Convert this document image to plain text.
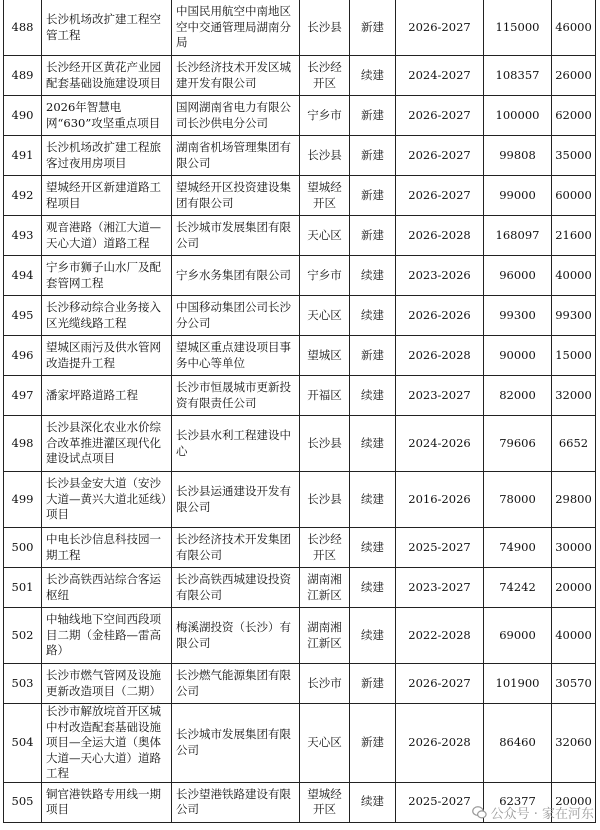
488	长沙机场改扩建工程空管工程	中国民用航空中南地区空中交通管理局湖南分局	长沙县	新建	2026-2027	115000	46000
489	长沙经开区黄花产业园配套基础设施建设项目	长沙经济技术开发区城建开发有限公司	长沙经开区	续建	2024-2027	108357	26000
490	2026年智慧电网“630”攻坚重点项目	国网湖南省电力有限公司长沙供电分公司	宁乡市	新建	2026-2027	100000	62000
491	长沙机场改扩建工程旅客过夜用房项目	湖南省机场管理集团有限公司	长沙县	新建	2026-2027	99808	35000
492	望城经开区新建道路工程项目	望城经开区投资建设集团有限公司	望城经开区	新建	2026-2027	99000	60000
493	观音港路（湘江大道—天心大道）道路工程	长沙城市发展集团有限公司	天心区	新建	2026-2028	168097	21600
494	宁乡市狮子山水厂及配套管网工程	宁乡水务集团有限公司	宁乡市	续建	2023-2026	96000	40000
495	长沙移动综合业务接入区光缆线路工程	中国移动集团公司长沙分公司	天心区	续建	2026-2026	99300	99300
496	望城区雨污及供水管网改造提升工程	望城区重点建设项目事务中心等单位	望城区	新建	2026-2028	90000	15000
497	潘家坪路道路工程	长沙市恒晟城市更新投资有限责任公司	开福区	续建	2023-2027	82000	32000
498	长沙县深化农业水价综合改革推进灌区现代化建设试点项目	长沙县水利工程建设中心	长沙县	续建	2024-2026	79606	6652
499	长沙县金安大道（安沙大道—黄兴大道北延线）项目	长沙县运通建设开发有限公司	长沙县	续建	2016-2026	78000	29800
500	中电长沙信息科技园一期工程	长沙经济技术开发集团有限公司	长沙经开区	续建	2025-2027	74900	30000
501	长沙高铁西站综合客运枢纽	长沙高铁西城建设投资有限公司	湖南湘江新区	续建	2023-2027	74242	20000
502	中轴线地下空间西段项目二期（金桂路—雷高路）	梅溪湖投资（长沙）有限公司	湖南湘江新区	续建	2022-2028	69000	40000
503	长沙市燃气管网及设施更新改造项目（二期）	长沙燃气能源集团有限公司	长沙市	新建	2026-2027	101900	30570
504	长沙市解放垸首开区城中村改造配套基础设施项目—全运大道（奥体大道—天心大道）道路工程	长沙城市发展集团有限公司	天心区	新建	2026-2028	86460	32060
505	铜官港铁路专用线一期项目	长沙望港铁路建设有限公司	望城经开区	续建	2025-2027	62377	20000
公众号 · 家在河东
